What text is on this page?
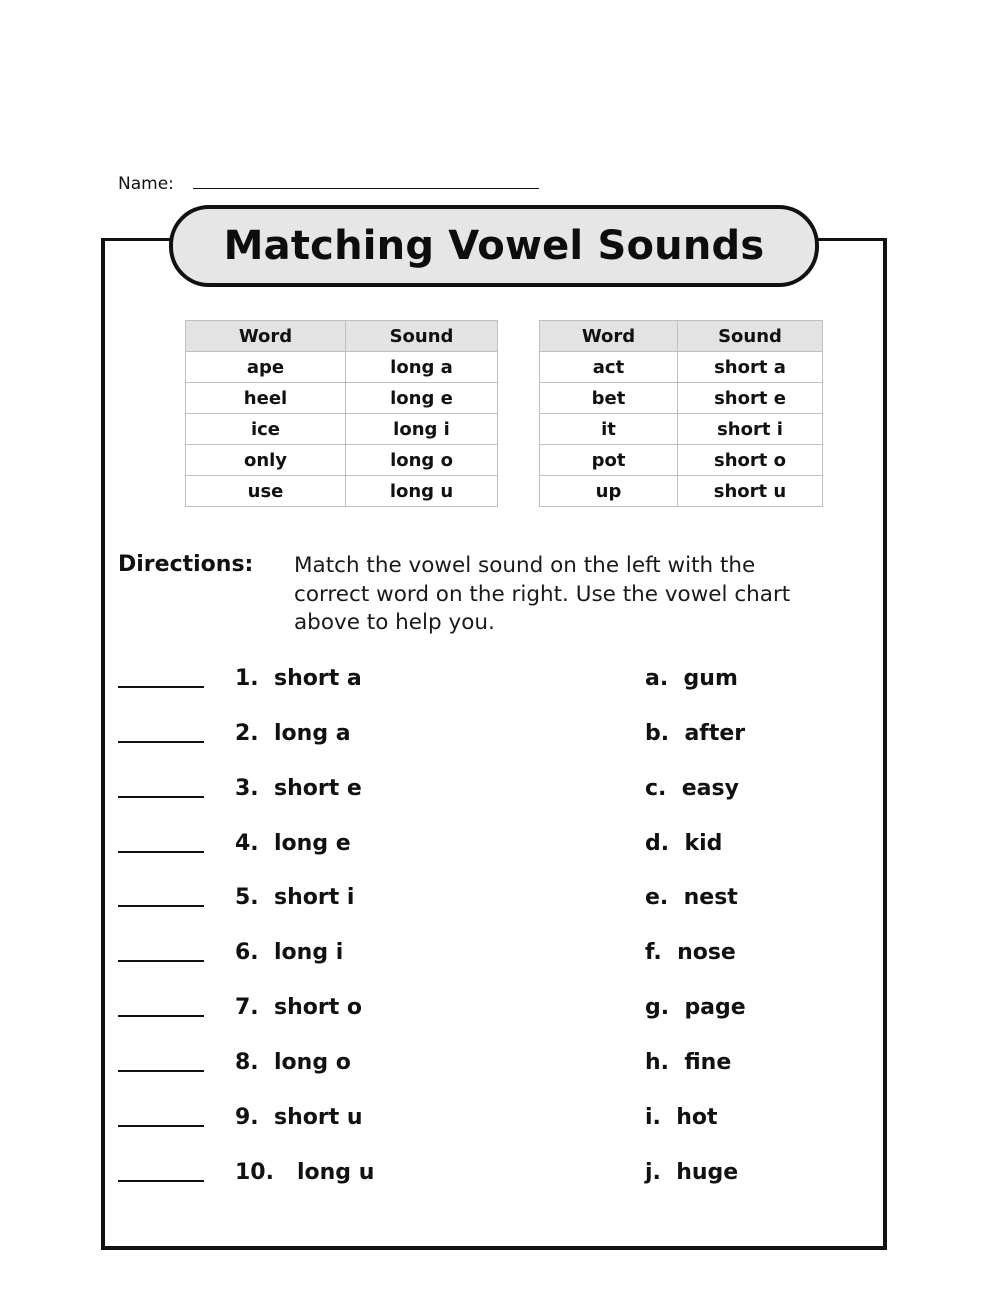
Name:
Matching Vowel Sounds
Word	Sound
ape	long a
heel	long e
ice	long i
only	long o
use	long u
Word	Sound
act	short a
bet	short e
it	short i
pot	short o
up	short u
Directions: Match the vowel sound on the left with the correct word on the right. Use the vowel chart above to help you.
1. short a
2. long a
3. short e
4. long e
5. short i
6. long i
7. short o
8. long o
9. short u
10. long u
a. gum
b. after
c. easy
d. kid
e. nest
f. nose
g. page
h. fine
i. hot
j. huge
